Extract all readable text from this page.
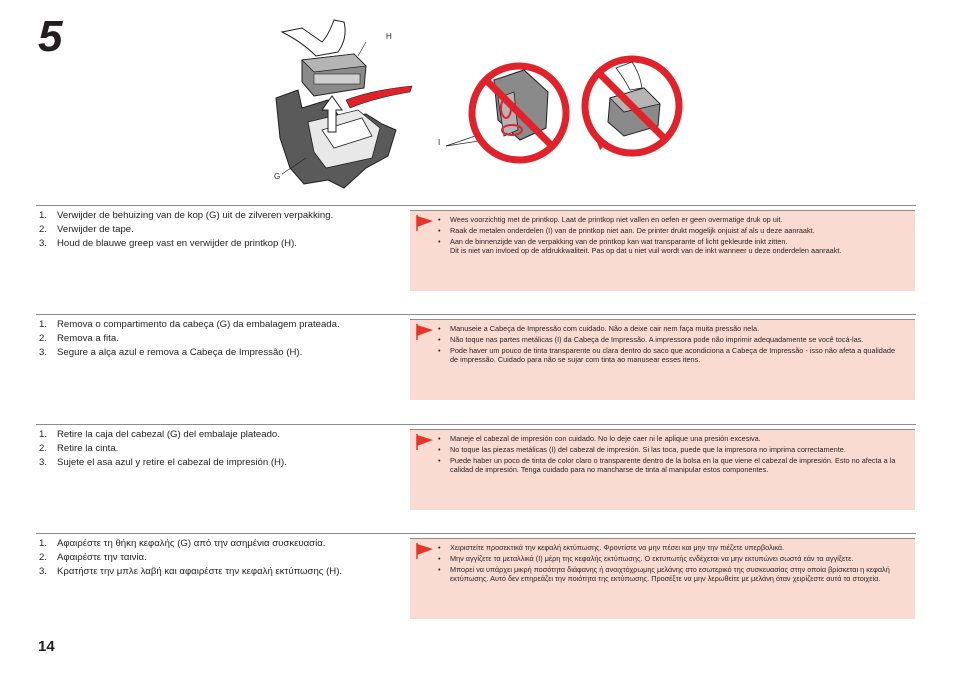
5	H
I
G
1.	Verwijder de behuizing van de kop (G) uit de zilveren verpakking.
2.	Verwijder de tape.
3.	Houd de blauwe greep vast en verwijder de printkop (H).
• Wees voorzichtig met de printkop. Laat de printkop niet vallen en oefen er geen overmatige druk op uit.
• Raak de metalen onderdelen (I) van de printkop niet aan. De printer drukt mogelijk onjuist af als u deze aanraakt.
• Aan de binnenzijde van de verpakking van de printkop kan wat transparante of licht gekleurde inkt zitten.
Dit is niet van invloed op de afdrukkwaliteit. Pas op dat u niet vuil wordt van de inkt wanneer u deze onderdelen aanraakt.
1.	Remova o compartimento da cabeça (G) da embalagem prateada.
2.	Remova a fita.
3.	Segure a alça azul e remova a Cabeça de Impressão (H).
• Manuseie a Cabeça de Impressão com cuidado. Não a deixe cair nem faça muita pressão nela.
• Não toque nas partes metálicas (I) da Cabeça de Impressão. A impressora pode não imprimir adequadamente se você tocá-las.
• Pode haver um pouco de tinta transparente ou clara dentro do saco que acondiciona a Cabeça de Impressão - isso não afeta a qualidade de impressão. Cuidado para não se sujar com tinta ao manusear esses itens.
1.	Retire la caja del cabezal (G) del embalaje plateado.
2.	Retire la cinta.
3.	Sujete el asa azul y retire el cabezal de impresión (H).
• Maneje el cabezal de impresión con cuidado. No lo deje caer ni le aplique una presión excesiva.
• No toque las piezas metálicas (I) del cabezal de impresión. Si las toca, puede que la impresora no imprima correctamente.
• Puede haber un poco de tinta de color claro o transparente dentro de la bolsa en la que viene el cabezal de impresión. Esto no afecta a la calidad de impresión. Tenga cuidado para no mancharse de tinta al manipular estos componentes.
1.	Αφαιρέστε τη θήκη κεφαλής (G) από την ασημένια συσκευασία.
2.	Αφαιρέστε την ταινία.
3.	Κρατήστε την μπλε λαβή και αφαιρέστε την κεφαλή εκτύπωσης (H).
• Χειριστείτε προσεκτικά την κεφαλή εκτύπωσης. Φροντίστε να μην πέσει και μην την πιέζετε υπερβολικά.
• Μην αγγίζετε τα μεταλλικά (I) μέρη της κεφαλής εκτύπωσης. Ο εκτυπωτής ενδέχεται να μην εκτυπώνει σωστά εάν τα αγγίξετε.
• Μπορεί να υπάρχει μικρή ποσότητα διάφανης ή ανοιχτόχρωμης μελάνης στο εσωτερικό της συσκευασίας στην οποία βρίσκεται η κεφαλή εκτύπωσης. Αυτό δεν επηρεάζει την ποιότητα της εκτύπωσης. Προσέξτε να μην λερωθείτε με μελάνη όταν χειρίζεστε αυτά τα στοιχεία.
14
